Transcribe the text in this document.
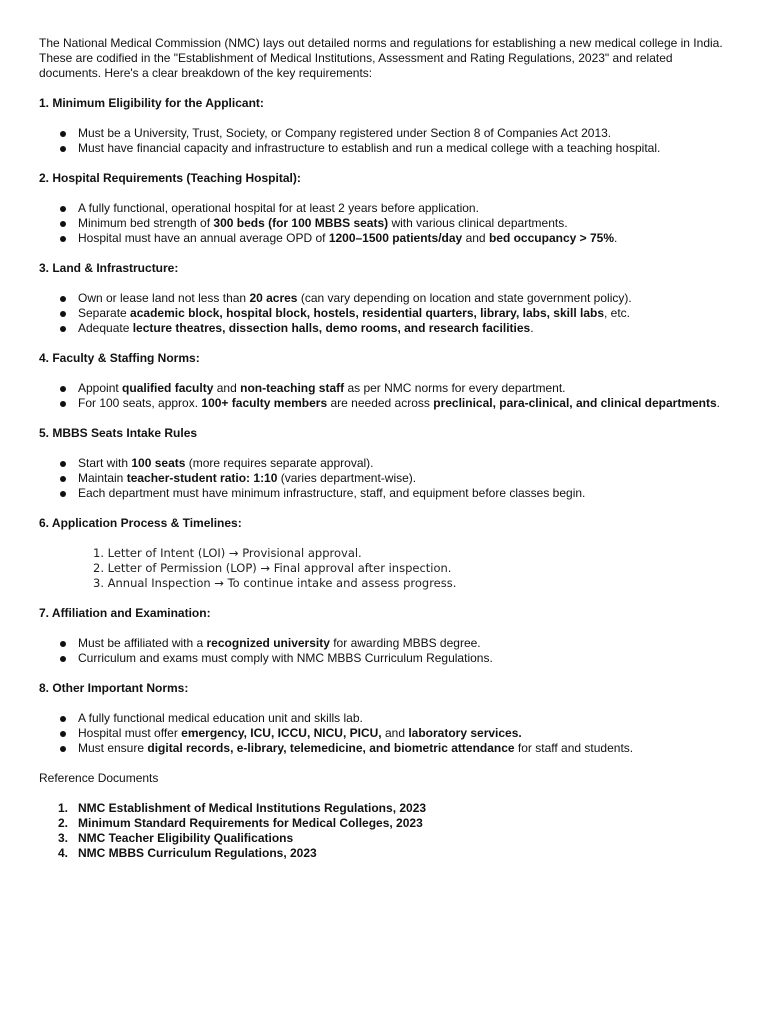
The National Medical Commission (NMC) lays out detailed norms and regulations for establishing a new medical college in India. These are codified in the "Establishment of Medical Institutions, Assessment and Rating Regulations, 2023" and related documents. Here's a clear breakdown of the key requirements:

1. Minimum Eligibility for the Applicant:

Must be a University, Trust, Society, or Company registered under Section 8 of Companies Act 2013.
Must have financial capacity and infrastructure to establish and run a medical college with a teaching hospital.

2. Hospital Requirements (Teaching Hospital):

A fully functional, operational hospital for at least 2 years before application.
Minimum bed strength of 300 beds (for 100 MBBS seats) with various clinical departments.
Hospital must have an annual average OPD of 1200–1500 patients/day and bed occupancy > 75%.

3. Land & Infrastructure:

Own or lease land not less than 20 acres (can vary depending on location and state government policy).
Separate academic block, hospital block, hostels, residential quarters, library, labs, skill labs, etc.
Adequate lecture theatres, dissection halls, demo rooms, and research facilities.

4. Faculty & Staffing Norms:

Appoint qualified faculty and non-teaching staff as per NMC norms for every department.
For 100 seats, approx. 100+ faculty members are needed across preclinical, para-clinical, and clinical departments.

5. MBBS Seats Intake Rules

Start with 100 seats (more requires separate approval).
Maintain teacher-student ratio: 1:10 (varies department-wise).
Each department must have minimum infrastructure, staff, and equipment before classes begin.

6. Application Process & Timelines:

1. Letter of Intent (LOI) → Provisional approval.
2. Letter of Permission (LOP) → Final approval after inspection.
3. Annual Inspection → To continue intake and assess progress.

7. Affiliation and Examination:

Must be affiliated with a recognized university for awarding MBBS degree.
Curriculum and exams must comply with NMC MBBS Curriculum Regulations.

8. Other Important Norms:

A fully functional medical education unit and skills lab.
Hospital must offer emergency, ICU, ICCU, NICU, PICU, and laboratory services.
Must ensure digital records, e-library, telemedicine, and biometric attendance for staff and students.

Reference Documents

1. NMC Establishment of Medical Institutions Regulations, 2023
2. Minimum Standard Requirements for Medical Colleges, 2023
3. NMC Teacher Eligibility Qualifications
4. NMC MBBS Curriculum Regulations, 2023
